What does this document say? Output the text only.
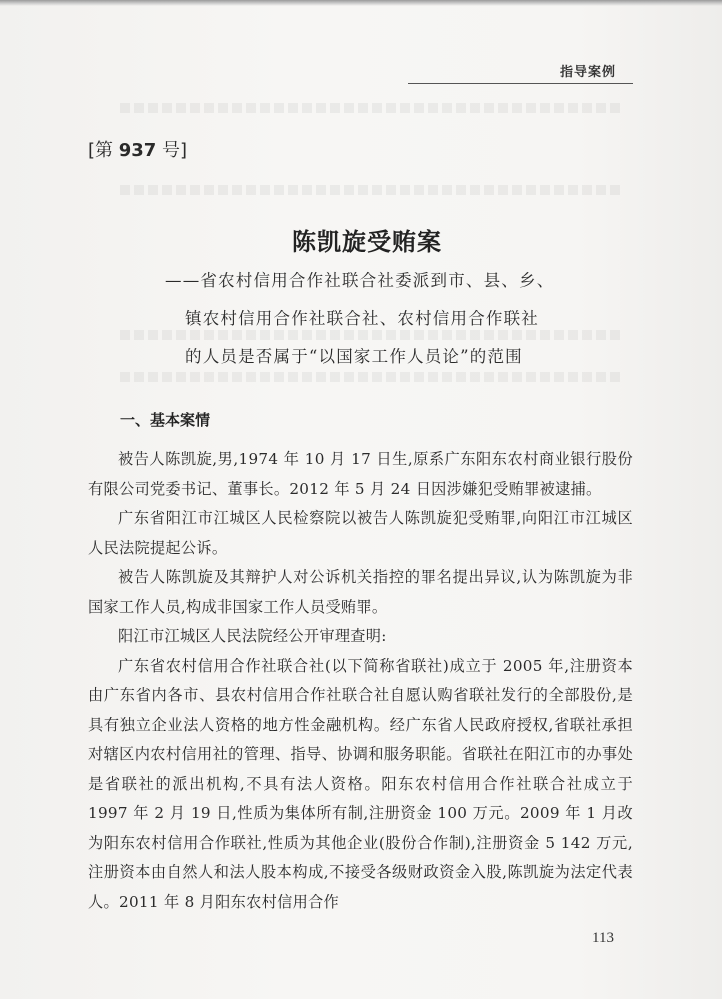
指导案例
[第 937 号]
陈凯旋受贿案
——省农村信用合作社联合社委派到市、县、乡、
镇农村信用合作社联合社、农村信用合作联社
的人员是否属于“以国家工作人员论”的范围
一、基本案情

被告人陈凯旋,男,1974 年 10 月 17 日生,原系广东阳东农村商业银行股份有限公司党委书记、董事长。2012 年 5 月 24 日因涉嫌犯受贿罪被逮捕。

广东省阳江市江城区人民检察院以被告人陈凯旋犯受贿罪,向阳江市江城区人民法院提起公诉。

被告人陈凯旋及其辩护人对公诉机关指控的罪名提出异议,认为陈凯旋为非国家工作人员,构成非国家工作人员受贿罪。

阳江市江城区人民法院经公开审理查明:

广东省农村信用合作社联合社(以下简称省联社)成立于 2005 年,注册资本由广东省内各市、县农村信用合作社联合社自愿认购省联社发行的全部股份,是具有独立企业法人资格的地方性金融机构。经广东省人民政府授权,省联社承担对辖区内农村信用社的管理、指导、协调和服务职能。省联社在阳江市的办事处是省联社的派出机构,不具有法人资格。阳东农村信用合作社联合社成立于 1997 年 2 月 19 日,性质为集体所有制,注册资金 100 万元。2009 年 1 月改为阳东农村信用合作联社,性质为其他企业(股份合作制),注册资金 5 142 万元,注册资本由自然人和法人股本构成,不接受各级财政资金入股,陈凯旋为法定代表人。2011 年 8 月阳东农村信用合作

113
